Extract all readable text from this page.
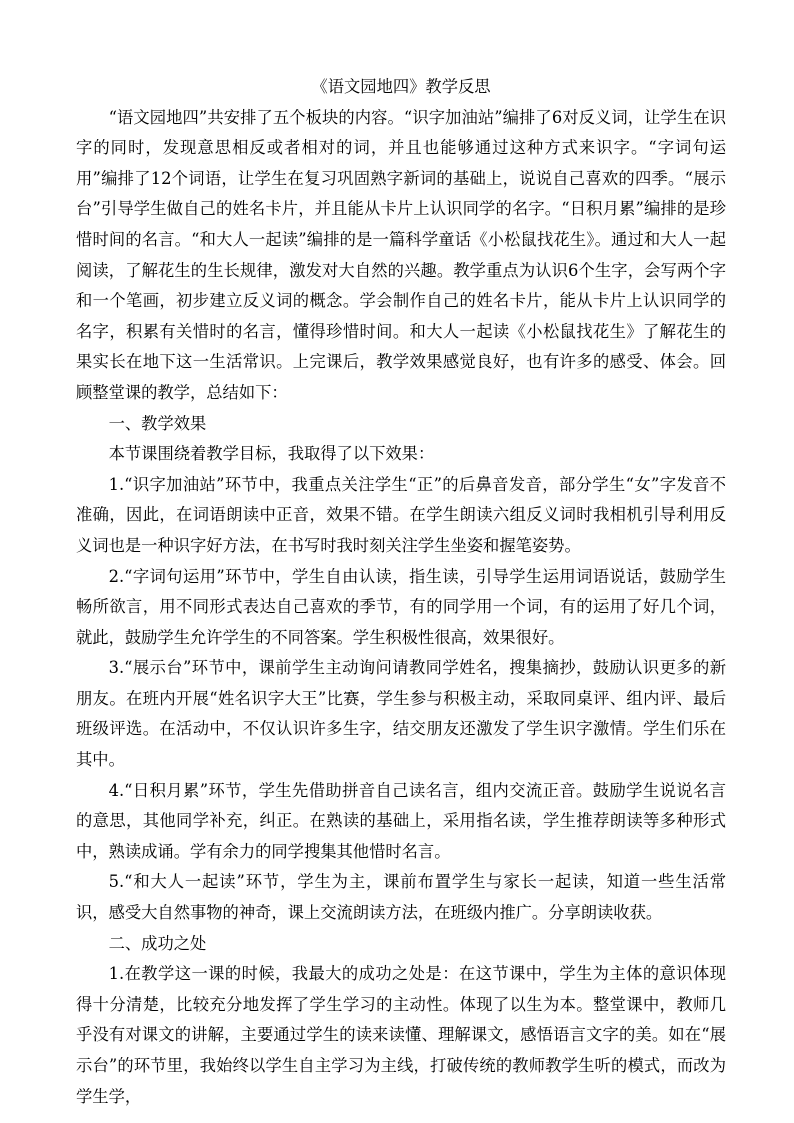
《语文园地四》教学反思

“语文园地四”共安排了五个板块的内容。“识字加油站”编排了6对反义词，让学生在识字的同时，发现意思相反或者相对的词，并且也能够通过这种方式来识字。“字词句运用”编排了12个词语，让学生在复习巩固熟字新词的基础上，说说自己喜欢的四季。“展示台”引导学生做自己的姓名卡片，并且能从卡片上认识同学的名字。“日积月累”编排的是珍惜时间的名言。“和大人一起读”编排的是一篇科学童话《小松鼠找花生》。通过和大人一起阅读，了解花生的生长规律，激发对大自然的兴趣。教学重点为认识6个生字，会写两个字和一个笔画，初步建立反义词的概念。学会制作自己的姓名卡片，能从卡片上认识同学的名字，积累有关惜时的名言，懂得珍惜时间。和大人一起读《小松鼠找花生》了解花生的果实长在地下这一生活常识。上完课后，教学效果感觉良好，也有许多的感受、体会。回顾整堂课的教学，总结如下：

一、教学效果

本节课围绕着教学目标，我取得了以下效果：

1.“识字加油站”环节中，我重点关注学生“正”的后鼻音发音，部分学生“女”字发音不准确，因此，在词语朗读中正音，效果不错。在学生朗读六组反义词时我相机引导利用反义词也是一种识字好方法，在书写时我时刻关注学生坐姿和握笔姿势。

2.“字词句运用”环节中，学生自由认读，指生读，引导学生运用词语说话，鼓励学生畅所欲言，用不同形式表达自己喜欢的季节，有的同学用一个词，有的运用了好几个词，就此，鼓励学生允许学生的不同答案。学生积极性很高，效果很好。

3.“展示台”环节中，课前学生主动询问请教同学姓名，搜集摘抄，鼓励认识更多的新朋友。在班内开展“姓名识字大王”比赛，学生参与积极主动，采取同桌评、组内评、最后班级评选。在活动中，不仅认识许多生字，结交朋友还激发了学生识字激情。学生们乐在其中。

4.“日积月累”环节，学生先借助拼音自己读名言，组内交流正音。鼓励学生说说名言的意思，其他同学补充，纠正。在熟读的基础上，采用指名读，学生推荐朗读等多种形式中，熟读成诵。学有余力的同学搜集其他惜时名言。

5.“和大人一起读”环节，学生为主，课前布置学生与家长一起读，知道一些生活常识，感受大自然事物的神奇，课上交流朗读方法，在班级内推广。分享朗读收获。

二、成功之处

1.在教学这一课的时候，我最大的成功之处是：在这节课中，学生为主体的意识体现得十分清楚，比较充分地发挥了学生学习的主动性。体现了以生为本。整堂课中，教师几乎没有对课文的讲解，主要通过学生的读来读懂、理解课文，感悟语言文字的美。如在“展示台”的环节里，我始终以学生自主学习为主线，打破传统的教师教学生听的模式，而改为学生学，
